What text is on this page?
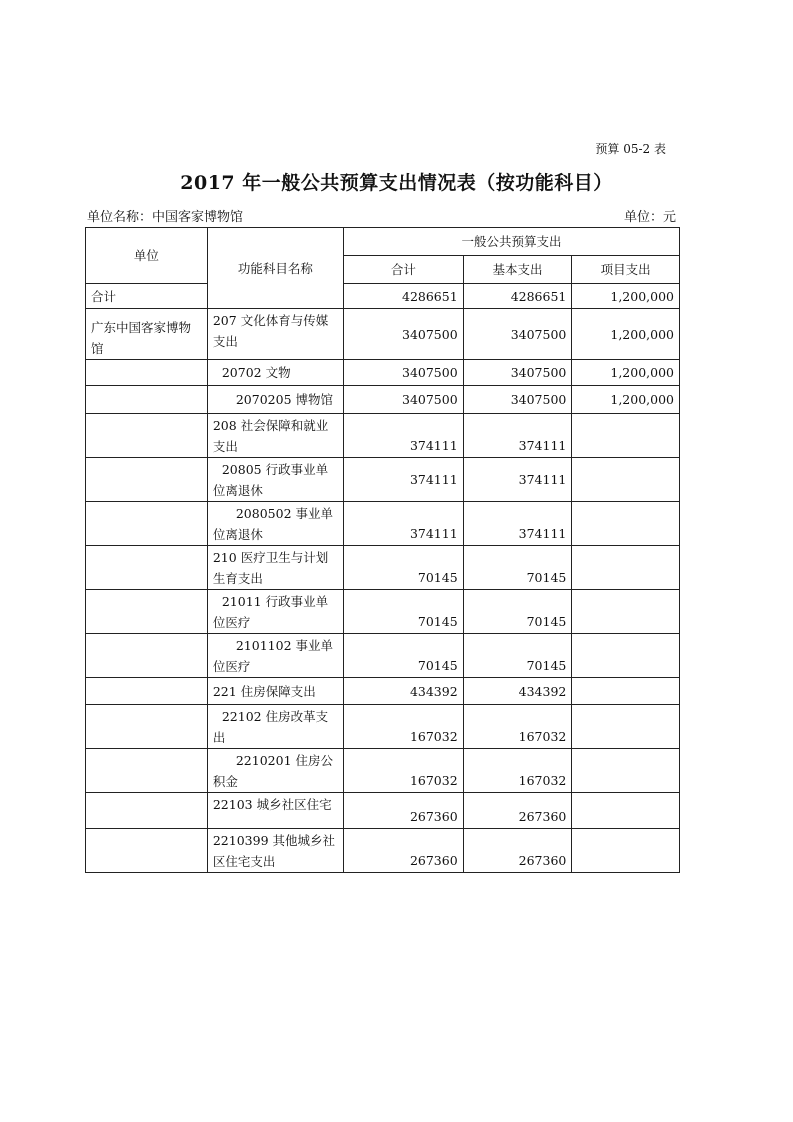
预算 05-2 表
2017 年一般公共预算支出情况表（按功能科目）
单位名称：中国客家博物馆	单位：元
单位	功能科目名称	一般公共预算支出		
		合计	基本支出	项目支出
合计		4286651	4286651	1,200,000
广东中国客家博物馆	207 文化体育与传媒
支出	3407500	3407500	1,200,000
	20702 文物	3407500	3407500	1,200,000
	2070205 博物馆	3407500	3407500	1,200,000
	208 社会保障和就业
支出	374111	374111	
	20805 行政事业单
位离退休	374111	374111	
	2080502 事业单
位离退休	374111	374111	
	210 医疗卫生与计划
生育支出	70145	70145	
	21011 行政事业单
位医疗	70145	70145	
	2101102 事业单
位医疗	70145	70145	
	221 住房保障支出	434392	434392	
	22102 住房改革支
出	167032	167032	
	2210201 住房公
积金	167032	167032	
	22103 城乡社区住宅	267360	267360	
	2210399 其他城乡社
区住宅支出	267360	267360	
